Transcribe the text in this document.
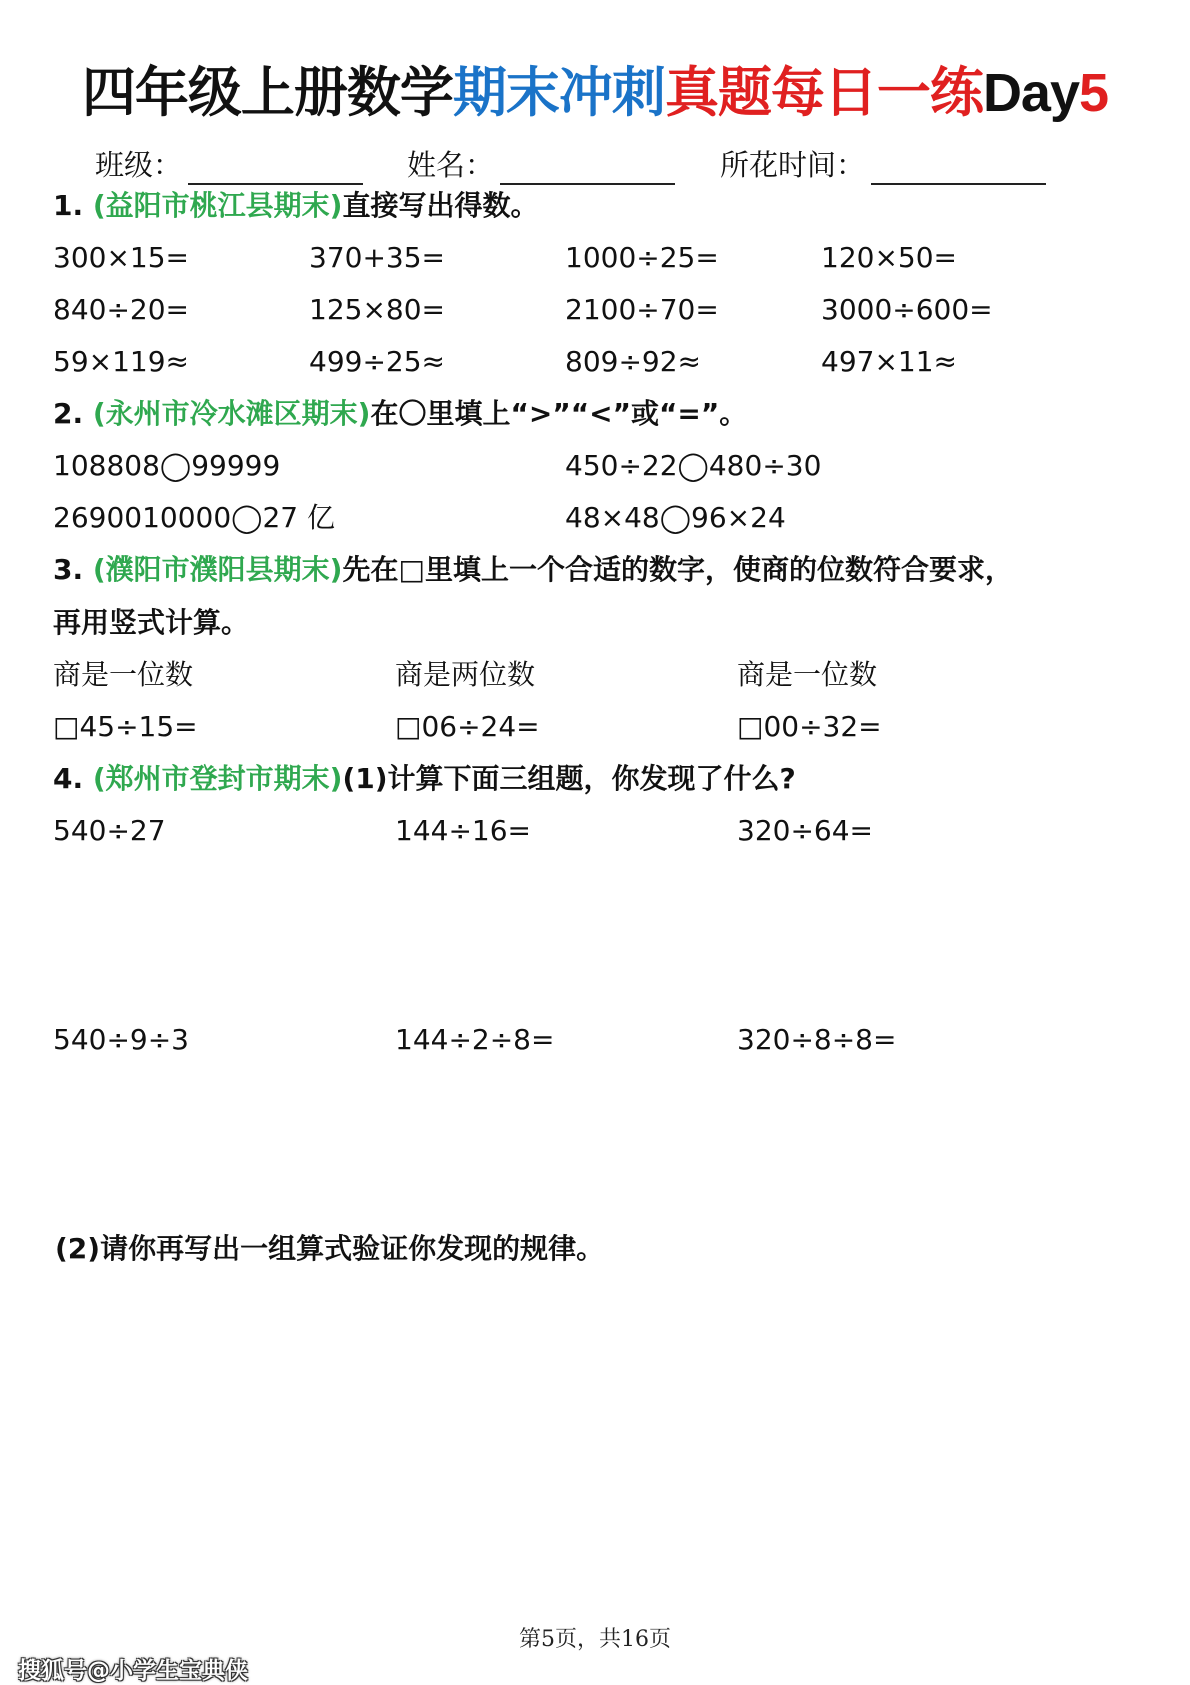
四年级上册数学期末冲刺真题每日一练Day5
班级：	姓名：	所花时间：
1. (益阳市桃江县期末)直接写出得数。
300×15=	370+35=	1000÷25=	120×50=
840÷20=	125×80=	2100÷70=	3000÷600=
59×119≈	499÷25≈	809÷92≈	497×11≈
2. (永州市冷水滩区期末)在〇里填上“>”“<”或“=”。
108808◯99999	450÷22◯480÷30
2690010000◯27 亿	48×48◯96×24
3. (濮阳市濮阳县期末)先在□里填上一个合适的数字，使商的位数符合要求，
再用竖式计算。
商是一位数	商是两位数	商是一位数
□45÷15=	□06÷24=	□00÷32=
4. (郑州市登封市期末)(1)计算下面三组题，你发现了什么?
540÷27	144÷16=	320÷64=
540÷9÷3	144÷2÷8=	320÷8÷8=
(2)请你再写出一组算式验证你发现的规律。
第5页，共16页
搜狐号@小学生宝典侠
